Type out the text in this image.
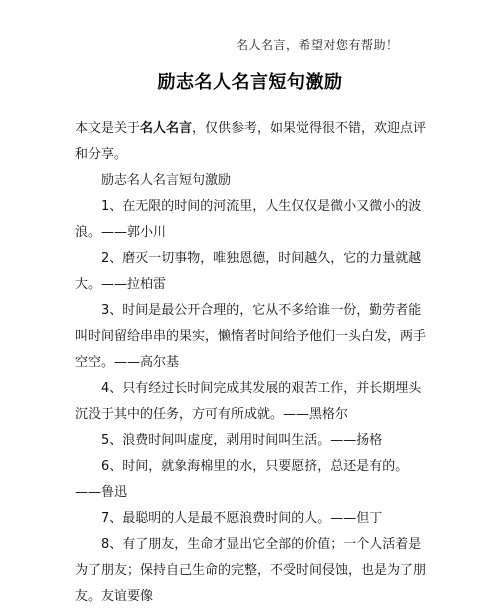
名人名言，希望对您有帮助！
励志名人名言短句激励

本文是关于名人名言，仅供参考，如果觉得很不错，欢迎点评和分享。

励志名人名言短句激励

1、在无限的时间的河流里，人生仅仅是微小又微小的波浪。——郭小川

2、磨灭一切事物，唯独恩德，时间越久，它的力量就越大。——拉柏雷

3、时间是最公开合理的，它从不多给谁一份，勤劳者能叫时间留给串串的果实，懒惰者时间给予他们一头白发，两手空空。——高尔基

4、只有经过长时间完成其发展的艰苦工作，并长期埋头沉没于其中的任务，方可有所成就。——黑格尔

5、浪费时间叫虚度，剥用时间叫生活。——扬格

6、时间，就象海棉里的水，只要愿挤，总还是有的。——鲁迅

7、最聪明的人是最不愿浪费时间的人。——但丁

8、有了朋友，生命才显出它全部的价值；一个人活着是为了朋友；保持自己生命的完整，不受时间侵蚀，也是为了朋友。友谊要像
